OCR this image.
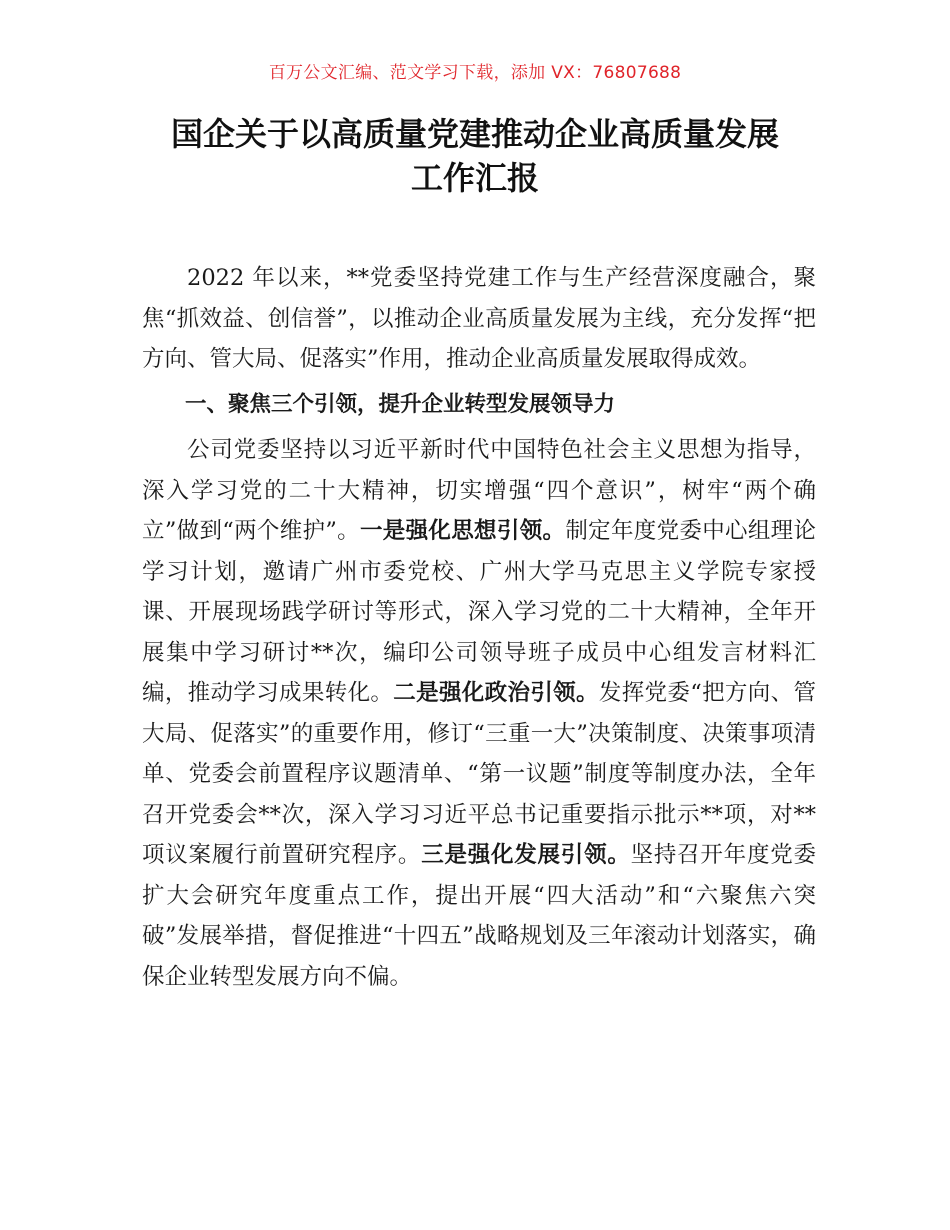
百万公文汇编、范文学习下载，添加 VX：76807688
国企关于以高质量党建推动企业高质量发展
工作汇报

2022 年以来，**党委坚持党建工作与生产经营深度融合，聚焦“抓效益、创信誉”，以推动企业高质量发展为主线，充分发挥“把方向、管大局、促落实”作用，推动企业高质量发展取得成效。

一、聚焦三个引领，提升企业转型发展领导力

公司党委坚持以习近平新时代中国特色社会主义思想为指导，深入学习党的二十大精神，切实增强“四个意识”，树牢“两个确立”做到“两个维护”。一是强化思想引领。制定年度党委中心组理论学习计划，邀请广州市委党校、广州大学马克思主义学院专家授课、开展现场践学研讨等形式，深入学习党的二十大精神，全年开展集中学习研讨**次，编印公司领导班子成员中心组发言材料汇编，推动学习成果转化。二是强化政治引领。发挥党委“把方向、管大局、促落实”的重要作用，修订“三重一大”决策制度、决策事项清单、党委会前置程序议题清单、“第一议题”制度等制度办法，全年召开党委会**次，深入学习习近平总书记重要指示批示**项，对**项议案履行前置研究程序。三是强化发展引领。坚持召开年度党委扩大会研究年度重点工作，提出开展“四大活动”和“六聚焦六突破”发展举措，督促推进“十四五”战略规划及三年滚动计划落实，确保企业转型发展方向不偏。
